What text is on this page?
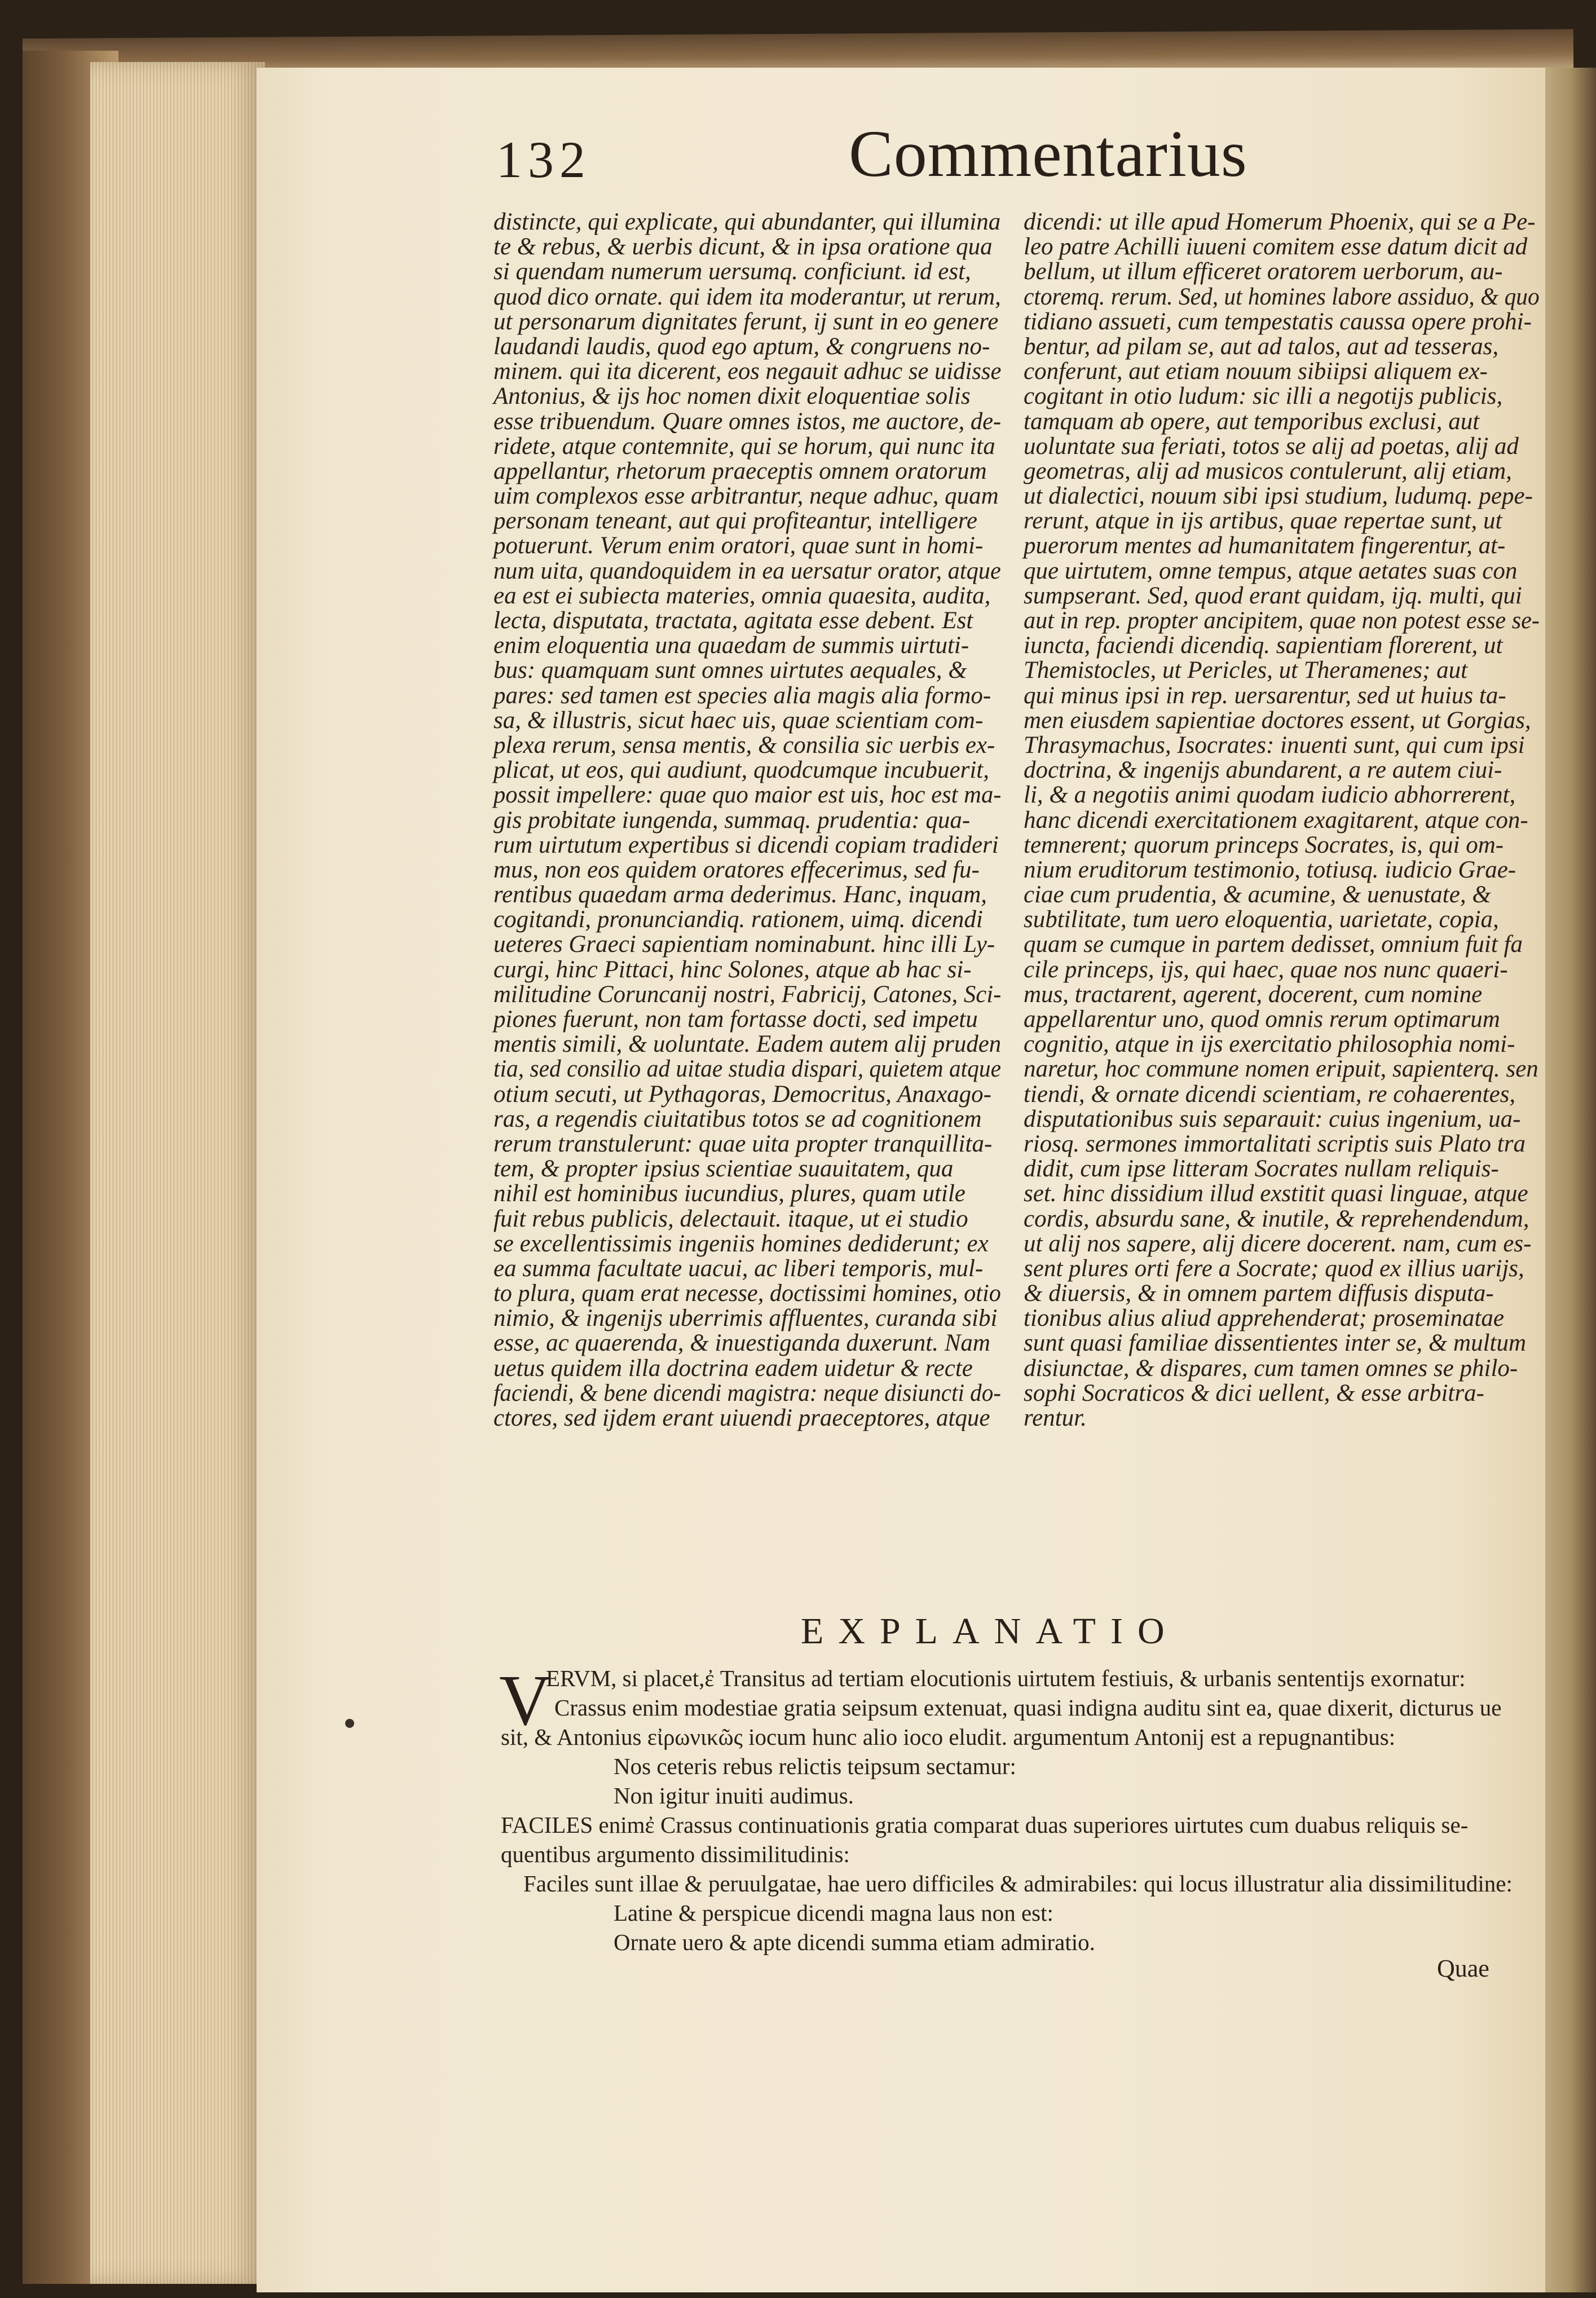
132	Commentarius
distincte, qui explicate, qui abundanter, qui illumina
te & rebus, & uerbis dicunt, & in ipsa oratione qua
si quendam numerum uersumq. conficiunt. id est,
quod dico ornate. qui idem ita moderantur, ut rerum,
ut personarum dignitates ferunt, ij sunt in eo genere
laudandi laudis, quod ego aptum, & congruens no-
minem. qui ita dicerent, eos negauit adhuc se uidisse
Antonius, & ijs hoc nomen dixit eloquentiae solis
esse tribuendum. Quare omnes istos, me auctore, de-
ridete, atque contemnite, qui se horum, qui nunc ita
appellantur, rhetorum praeceptis omnem oratorum
uim complexos esse arbitrantur, neque adhuc, quam
personam teneant, aut qui profiteantur, intelligere
potuerunt. Verum enim oratori, quae sunt in homi-
num uita, quandoquidem in ea uersatur orator, atque
ea est ei subiecta materies, omnia quaesita, audita,
lecta, disputata, tractata, agitata esse debent. Est
enim eloquentia una quaedam de summis uirtuti-
bus: quamquam sunt omnes uirtutes aequales, &
pares: sed tamen est species alia magis alia formo-
sa, & illustris, sicut haec uis, quae scientiam com-
plexa rerum, sensa mentis, & consilia sic uerbis ex-
plicat, ut eos, qui audiunt, quodcumque incubuerit,
possit impellere: quae quo maior est uis, hoc est ma-
gis probitate iungenda, summaq. prudentia: qua-
rum uirtutum expertibus si dicendi copiam tradideri
mus, non eos quidem oratores effecerimus, sed fu-
rentibus quaedam arma dederimus. Hanc, inquam,
cogitandi, pronunciandiq. rationem, uimq. dicendi
ueteres Graeci sapientiam nominabunt. hinc illi Ly-
curgi, hinc Pittaci, hinc Solones, atque ab hac si-
militudine Coruncanij nostri, Fabricij, Catones, Sci-
piones fuerunt, non tam fortasse docti, sed impetu
mentis simili, & uoluntate. Eadem autem alij pruden
tia, sed consilio ad uitae studia dispari, quietem atque
otium secuti, ut Pythagoras, Democritus, Anaxago-
ras, a regendis ciuitatibus totos se ad cognitionem
rerum transtulerunt: quae uita propter tranquillita-
tem, & propter ipsius scientiae suauitatem, qua
nihil est hominibus iucundius, plures, quam utile
fuit rebus publicis, delectauit. itaque, ut ei studio
se excellentissimis ingeniis homines dediderunt; ex
ea summa facultate uacui, ac liberi temporis, mul-
to plura, quam erat necesse, doctissimi homines, otio
nimio, & ingenijs uberrimis affluentes, curanda sibi
esse, ac quaerenda, & inuestiganda duxerunt. Nam
uetus quidem illa doctrina eadem uidetur & recte
faciendi, & bene dicendi magistra: neque disiuncti do-
ctores, sed ijdem erant uiuendi praeceptores, atque
dicendi: ut ille apud Homerum Phoenix, qui se a Pe-
leo patre Achilli iuueni comitem esse datum dicit ad
bellum, ut illum efficeret oratorem uerborum, au-
ctoremq. rerum. Sed, ut homines labore assiduo, & quo
tidiano assueti, cum tempestatis caussa opere prohi-
bentur, ad pilam se, aut ad talos, aut ad tesseras,
conferunt, aut etiam nouum sibiipsi aliquem ex-
cogitant in otio ludum: sic illi a negotijs publicis,
tamquam ab opere, aut temporibus exclusi, aut
uoluntate sua feriati, totos se alij ad poetas, alij ad
geometras, alij ad musicos contulerunt, alij etiam,
ut dialectici, nouum sibi ipsi studium, ludumq. pepe-
rerunt, atque in ijs artibus, quae repertae sunt, ut
puerorum mentes ad humanitatem fingerentur, at-
que uirtutem, omne tempus, atque aetates suas con
sumpserant. Sed, quod erant quidam, ijq. multi, qui
aut in rep. propter ancipitem, quae non potest esse se-
iuncta, faciendi dicendiq. sapientiam florerent, ut
Themistocles, ut Pericles, ut Theramenes; aut
qui minus ipsi in rep. uersarentur, sed ut huius ta-
men eiusdem sapientiae doctores essent, ut Gorgias,
Thrasymachus, Isocrates: inuenti sunt, qui cum ipsi
doctrina, & ingenijs abundarent, a re autem ciui-
li, & a negotiis animi quodam iudicio abhorrerent,
hanc dicendi exercitationem exagitarent, atque con-
temnerent; quorum princeps Socrates, is, qui om-
nium eruditorum testimonio, totiusq. iudicio Grae-
ciae cum prudentia, & acumine, & uenustate, &
subtilitate, tum uero eloquentia, uarietate, copia,
quam se cumque in partem dedisset, omnium fuit fa
cile princeps, ijs, qui haec, quae nos nunc quaeri-
mus, tractarent, agerent, docerent, cum nomine
appellarentur uno, quod omnis rerum optimarum
cognitio, atque in ijs exercitatio philosophia nomi-
naretur, hoc commune nomen eripuit, sapienterq. sen
tiendi, & ornate dicendi scientiam, re cohaerentes,
disputationibus suis separauit: cuius ingenium, ua-
riosq. sermones immortalitati scriptis suis Plato tra
didit, cum ipse litteram Socrates nullam reliquis-
set. hinc dissidium illud exstitit quasi linguae, atque
cordis, absurdu sane, & inutile, & reprehendendum,
ut alij nos sapere, alij dicere docerent. nam, cum es-
sent plures orti fere a Socrate; quod ex illius uarijs,
& diuersis, & in omnem partem diffusis disputa-
tionibus alius aliud apprehenderat; proseminatae
sunt quasi familiae dissentientes inter se, & multum
disiunctae, & dispares, cum tamen omnes se philo-
sophi Socraticos & dici uellent, & esse arbitra-
rentur.
EXPLANATIO
V
ERVM, si placet,ἐ Transitus ad tertiam elocutionis uirtutem festiuis, & urbanis sententijs exornatur:
Crassus enim modestiae gratia seipsum extenuat, quasi indigna auditu sint ea, quae dixerit, dicturus ue
sit, & Antonius εἰρωνικῶς iocum hunc alio ioco eludit. argumentum Antonij est a repugnantibus:
Nos ceteris rebus relictis teipsum sectamur:
Non igitur inuiti audimus.
FACILES enimἐ Crassus continuationis gratia comparat duas superiores uirtutes cum duabus reliquis se-
quentibus argumento dissimilitudinis:
Faciles sunt illae & peruulgatae, hae uero difficiles & admirabiles: qui locus illustratur alia dissimilitudine:
Latine & perspicue dicendi magna laus non est:
Ornate uero & apte dicendi summa etiam admiratio.
Quae
